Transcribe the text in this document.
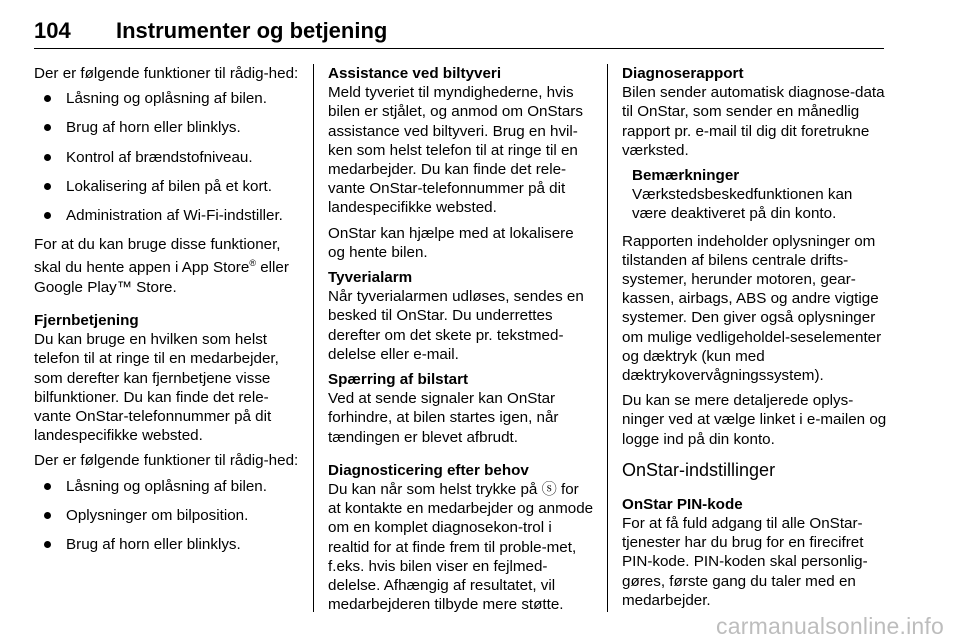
104 Instrumenter og betjening

Der er følgende funktioner til rådig-hed:

Låsning og oplåsning af bilen.
Brug af horn eller blinklys.
Kontrol af brændstofniveau.
Lokalisering af bilen på et kort.
Administration af Wi-Fi-indstiller.

For at du kan bruge disse funktioner, skal du hente appen i App Store® eller Google Play™ Store.

Fjernbetjening

Du kan bruge en hvilken som helst telefon til at ringe til en medarbejder, som derefter kan fjernbetjene visse bilfunktioner. Du kan finde det rele-vante OnStar-telefonnummer på dit landespecifikke websted.

Der er følgende funktioner til rådig-hed:

Låsning og oplåsning af bilen.
Oplysninger om bilposition.
Brug af horn eller blinklys.
Assistance ved biltyveri

Meld tyveriet til myndighederne, hvis bilen er stjålet, og anmod om OnStars assistance ved biltyveri. Brug en hvil-ken som helst telefon til at ringe til en medarbejder. Du kan finde det rele-vante OnStar-telefonnummer på dit landespecifikke websted.

OnStar kan hjælpe med at lokalisere og hente bilen.

Tyverialarm

Når tyverialarmen udløses, sendes en besked til OnStar. Du underrettes derefter om det skete pr. tekstmed-delelse eller e-mail.

Spærring af bilstart

Ved at sende signaler kan OnStar forhindre, at bilen startes igen, når tændingen er blevet afbrudt.

Diagnosticering efter behov

Du kan når som helst trykke på ⓢ for at kontakte en medarbejder og anmode om en komplet diagnosekon-trol i realtid for at finde frem til proble-met, f.eks. hvis bilen viser en fejlmed-delelse. Afhængig af resultatet, vil medarbejderen tilbyde mere støtte.

Diagnoserapport

Bilen sender automatisk diagnose-data til OnStar, som sender en månedlig rapport pr. e-mail til dig dit foretrukne værksted.

Bemærkninger

Værkstedsbeskedfunktionen kan være deaktiveret på din konto.

Rapporten indeholder oplysninger om tilstanden af bilens centrale drifts-systemer, herunder motoren, gear-kassen, airbags, ABS og andre vigtige systemer. Den giver også oplysninger om mulige vedligeholdel-seselementer og dæktryk (kun med dæktrykovervågningssystem).

Du kan se mere detaljerede oplys-ninger ved at vælge linket i e-mailen og logge ind på din konto.

OnStar-indstillinger
OnStar PIN-kode

For at få fuld adgang til alle OnStar-tjenester har du brug for en firecifret PIN-kode. PIN-koden skal personlig-gøres, første gang du taler med en medarbejder.

carmanualsonline.info
